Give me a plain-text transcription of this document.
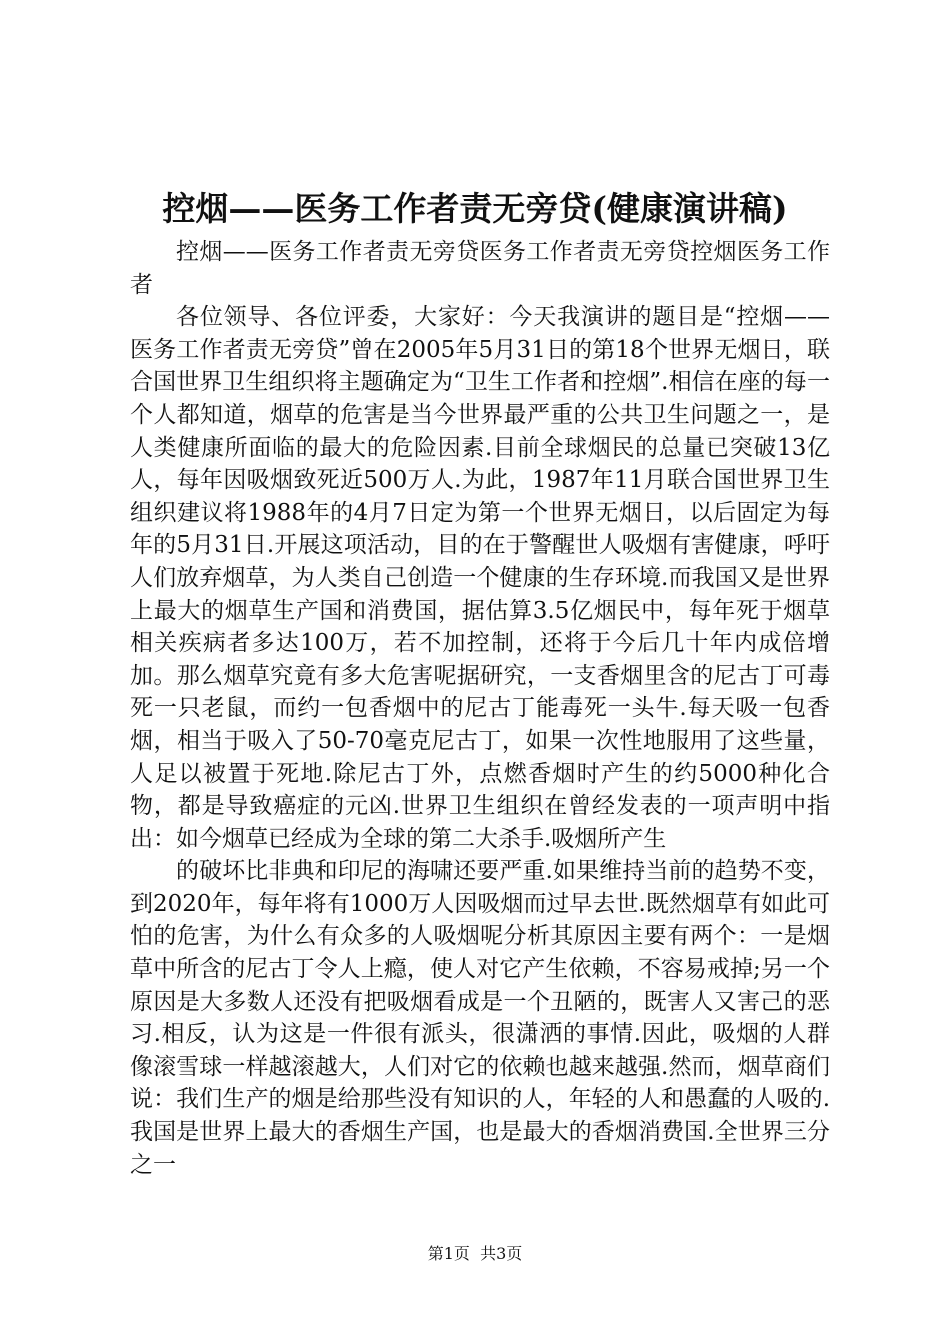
控烟——医务工作者责无旁贷(健康演讲稿)

控烟——医务工作者责无旁贷医务工作者责无旁贷控烟医务工作者

各位领导、各位评委，大家好：今天我演讲的题目是“控烟——医务工作者责无旁贷”曾在2005年5月31日的第18个世界无烟日，联合国世界卫生组织将主题确定为“卫生工作者和控烟”.相信在座的每一个人都知道，烟草的危害是当今世界最严重的公共卫生问题之一，是人类健康所面临的最大的危险因素.目前全球烟民的总量已突破13亿人，每年因吸烟致死近500万人.为此，1987年11月联合国世界卫生组织建议将1988年的4月7日定为第一个世界无烟日，以后固定为每年的5月31日.开展这项活动，目的在于警醒世人吸烟有害健康，呼吁人们放弃烟草，为人类自己创造一个健康的生存环境.而我国又是世界上最大的烟草生产国和消费国，据估算3.5亿烟民中，每年死于烟草相关疾病者多达100万，若不加控制，还将于今后几十年内成倍增加。那么烟草究竟有多大危害呢据研究，一支香烟里含的尼古丁可毒死一只老鼠，而约一包香烟中的尼古丁能毒死一头牛.每天吸一包香烟，相当于吸入了50-70毫克尼古丁，如果一次性地服用了这些量，人足以被置于死地.除尼古丁外，点燃香烟时产生的约5000种化合物，都是导致癌症的元凶.世界卫生组织在曾经发表的一项声明中指出：如今烟草已经成为全球的第二大杀手.吸烟所产生

的破坏比非典和印尼的海啸还要严重.如果维持当前的趋势不变，到2020年，每年将有1000万人因吸烟而过早去世.既然烟草有如此可怕的危害，为什么有众多的人吸烟呢分析其原因主要有两个：一是烟草中所含的尼古丁令人上瘾，使人对它产生依赖，不容易戒掉;另一个原因是大多数人还没有把吸烟看成是一个丑陋的，既害人又害己的恶习.相反，认为这是一件很有派头，很潇洒的事情.因此，吸烟的人群像滚雪球一样越滚越大，人们对它的依赖也越来越强.然而，烟草商们说：我们生产的烟是给那些没有知识的人，年轻的人和愚蠢的人吸的.我国是世界上最大的香烟生产国，也是最大的香烟消费国.全世界三分之一

第1页  共3页
